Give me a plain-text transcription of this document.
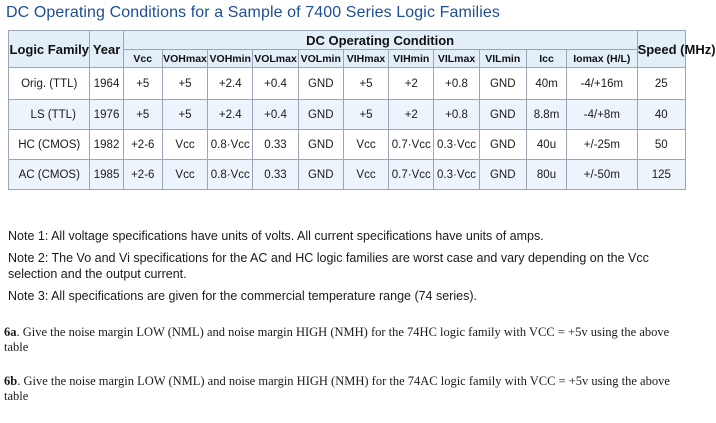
DC Operating Conditions for a Sample of 7400 Series Logic Families
Logic Family	Year	DC Operating Condition											Speed (MHz)
		Vcc	VOHmax	VOHmin	VOLmax	VOLmin	VIHmax	VIHmin	VILmax	VILmin	Icc	Iomax (H/L)	
Orig. (TTL)	1964	+5	+5	+2.4	+0.4	GND	+5	+2	+0.8	GND	40m	-4/+16m	25
LS (TTL)	1976	+5	+5	+2.4	+0.4	GND	+5	+2	+0.8	GND	8.8m	-4/+8m	40
HC (CMOS)	1982	+2-6	Vcc	0.8·Vcc	0.33	GND	Vcc	0.7·Vcc	0.3·Vcc	GND	40u	+/-25m	50
AC (CMOS)	1985	+2-6	Vcc	0.8·Vcc	0.33	GND	Vcc	0.7·Vcc	0.3·Vcc	GND	80u	+/-50m	125

Note 1: All voltage specifications have units of volts. All current specifications have units of amps.

Note 2: The Vo and Vi specifications for the AC and HC logic families are worst case and vary depending on the Vcc selection and the output current.

Note 3: All specifications are given for the commercial temperature range (74 series).

6a. Give the noise margin LOW (NML) and noise margin HIGH (NMH) for the 74HC logic family with VCC = +5v using the above table
6b. Give the noise margin LOW (NML) and noise margin HIGH (NMH) for the 74AC logic family with VCC = +5v using the above table
